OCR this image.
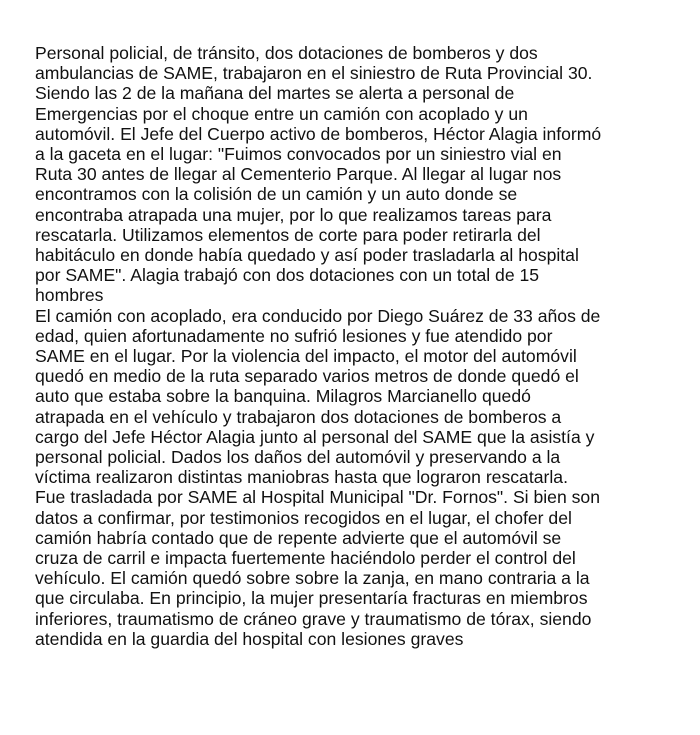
Personal policial, de tránsito, dos dotaciones de bomberos y dos
ambulancias de SAME, trabajaron en el siniestro de Ruta Provincial 30.
Siendo las 2 de la mañana del martes se alerta a personal de
Emergencias por el choque entre un camión con acoplado y un
automóvil. El Jefe del Cuerpo activo de bomberos, Héctor Alagia informó
a la gaceta en el lugar: "Fuimos convocados por un siniestro vial en
Ruta 30 antes de llegar al Cementerio Parque. Al llegar al lugar nos
encontramos con la colisión de un camión y un auto donde se
encontraba atrapada una mujer, por lo que realizamos tareas para
rescatarla. Utilizamos elementos de corte para poder retirarla del
habitáculo en donde había quedado y así poder trasladarla al hospital
por SAME". Alagia trabajó con dos dotaciones con un total de 15
hombres
El camión con acoplado, era conducido por Diego Suárez de 33 años de
edad, quien afortunadamente no sufrió lesiones y fue atendido por
SAME en el lugar. Por la violencia del impacto, el motor del automóvil
quedó en medio de la ruta separado varios metros de donde quedó el
auto que estaba sobre la banquina. Milagros Marcianello quedó
atrapada en el vehículo y trabajaron dos dotaciones de bomberos a
cargo del Jefe Héctor Alagia junto al personal del SAME que la asistía y
personal policial. Dados los daños del automóvil y preservando a la
víctima realizaron distintas maniobras hasta que lograron rescatarla.
Fue trasladada por SAME al Hospital Municipal "Dr. Fornos". Si bien son
datos a confirmar, por testimonios recogidos en el lugar, el chofer del
camión habría contado que de repente advierte que el automóvil se
cruza de carril e impacta fuertemente haciéndolo perder el control del
vehículo. El camión quedó sobre sobre la zanja, en mano contraria a la
que circulaba. En principio, la mujer presentaría fracturas en miembros
inferiores, traumatismo de cráneo grave y traumatismo de tórax, siendo
atendida en la guardia del hospital con lesiones graves
